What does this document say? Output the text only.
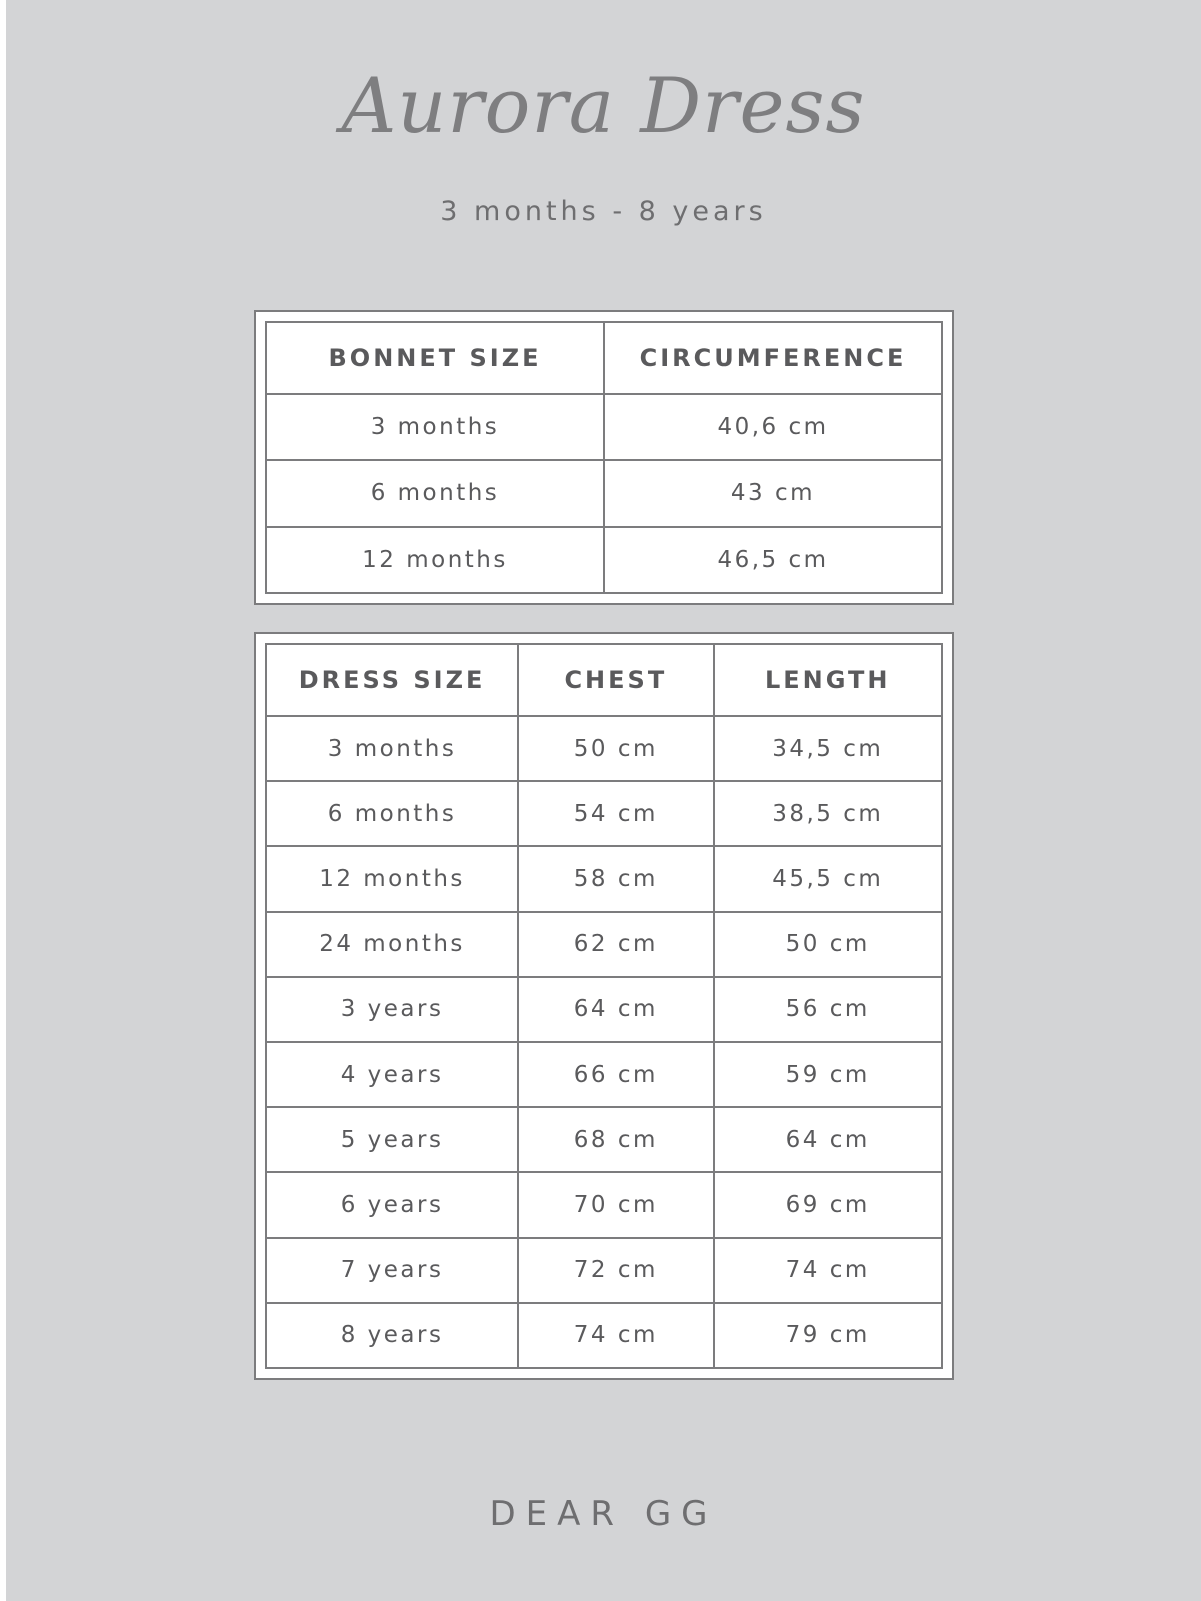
Aurora Dress

3 months - 8 years

BONNET SIZE	CIRCUMFERENCE
3 months	40,6 cm
6 months	43 cm
12 months	46,5 cm
DRESS SIZE	CHEST	LENGTH
3 months	50 cm	34,5 cm
6 months	54 cm	38,5 cm
12 months	58 cm	45,5 cm
24 months	62 cm	50 cm
3 years	64 cm	56 cm
4 years	66 cm	59 cm
5 years	68 cm	64 cm
6 years	70 cm	69 cm
7 years	72 cm	74 cm
8 years	74 cm	79 cm

DEAR GG
